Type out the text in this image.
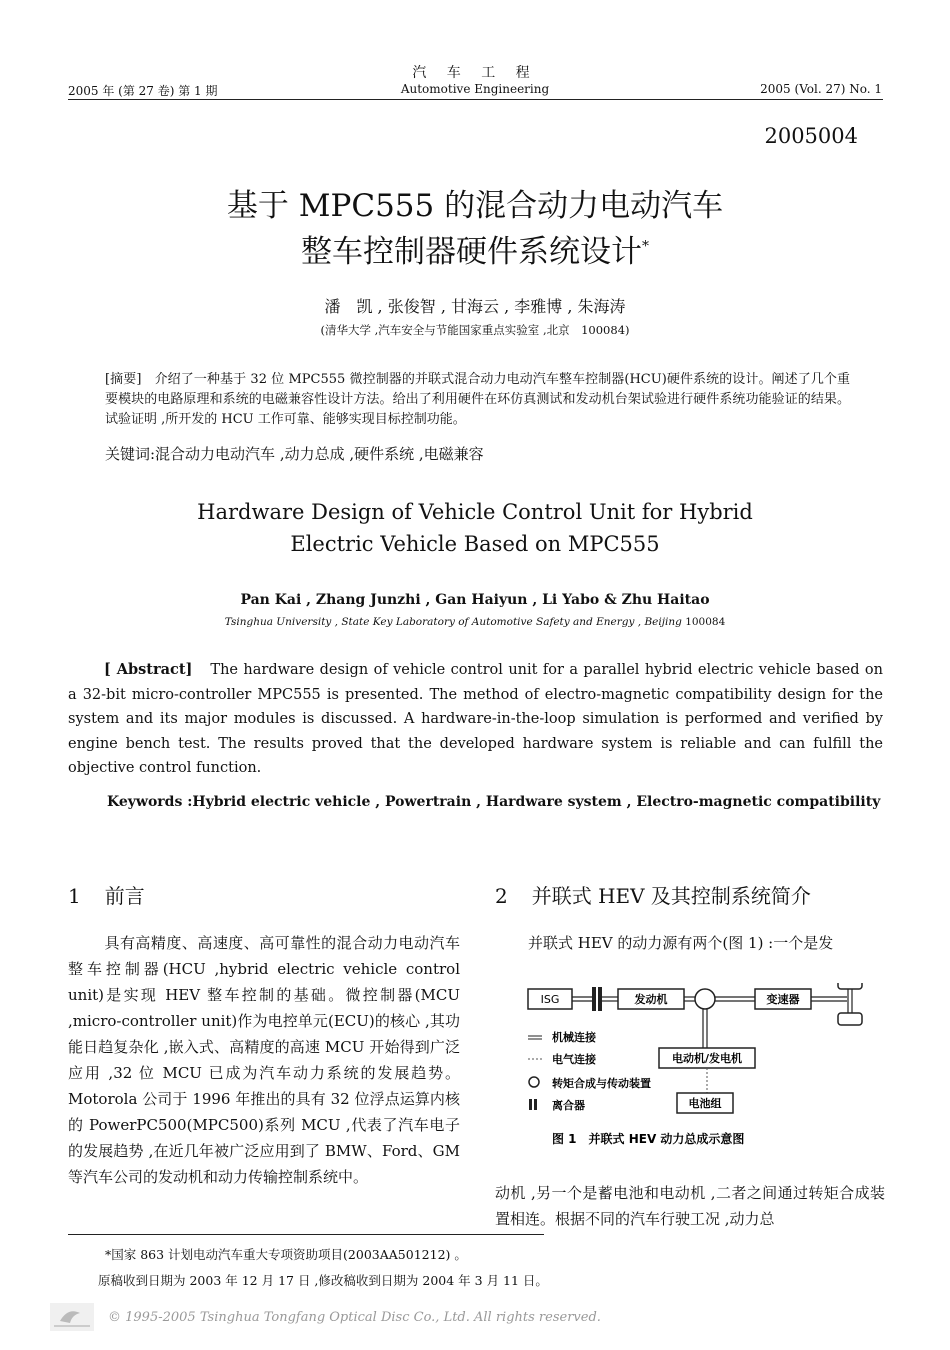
汽 车 工 程
2005 年 (第 27 卷) 第 1 期	Automotive Engineering	2005 (Vol. 27) No. 1
2005004
基于 MPC555 的混合动力电动汽车
整车控制器硬件系统设计*
潘　凯 , 张俊智 , 甘海云 , 李雅博 , 朱海涛
(清华大学 ,汽车安全与节能国家重点实验室 ,北京　100084)
[摘要]　介绍了一种基于 32 位 MPC555 微控制器的并联式混合动力电动汽车整车控制器(HCU)硬件系统的设计。阐述了几个重要模块的电路原理和系统的电磁兼容性设计方法。给出了利用硬件在环仿真测试和发动机台架试验进行硬件系统功能验证的结果。试验证明 ,所开发的 HCU 工作可靠、能够实现目标控制功能。
关键词:混合动力电动汽车 ,动力总成 ,硬件系统 ,电磁兼容
Hardware Design of Vehicle Control Unit for Hybrid
Electric Vehicle Based on MPC555
Pan Kai , Zhang Junzhi , Gan Haiyun , Li Yabo & Zhu Haitao
Tsinghua University , State Key Laboratory of Automotive Safety and Energy , Beijing 100084
[ Abstract] The hardware design of vehicle control unit for a parallel hybrid electric vehicle based on a 32-bit micro-controller MPC555 is presented. The method of electro-magnetic compatibility design for the system and its major modules is discussed. A hardware-in-the-loop simulation is performed and verified by engine bench test. The results proved that the developed hardware system is reliable and can fulfill the objective control function.
Keywords :Hybrid electric vehicle , Powertrain , Hardware system , Electro-magnetic compatibility
1 前言	2 并联式 HEV 及其控制系统简介
具有高精度、高速度、高可靠性的混合动力电动汽车整车控制器(HCU ,hybrid electric vehicle control unit)是实现 HEV 整车控制的基础。微控制器(MCU ,micro-controller unit)作为电控单元(ECU)的核心 ,其功能日趋复杂化 ,嵌入式、高精度的高速 MCU 开始得到广泛应用 ,32 位 MCU 已成为汽车动力系统的发展趋势。Motorola 公司于 1996 年推出的具有 32 位浮点运算内核的 PowerPC500(MPC500)系列 MCU ,代表了汽车电子的发展趋势 ,在近几年被广泛应用到了 BMW、Ford、GM 等汽车公司的发动机和动力传输控制系统中。
并联式 HEV 的动力源有两个(图 1) :一个是发
ISG	发动机	变速器
电动机/发电机
电池组
机械连接
电气连接
转矩合成与传动装置
离合器
图 1　并联式 HEV 动力总成示意图
动机 ,另一个是蓄电池和电动机 ,二者之间通过转矩合成装置相连。根据不同的汽车行驶工况 ,动力总
*国家 863 计划电动汽车重大专项资助项目(2003AA501212) 。
原稿收到日期为 2003 年 12 月 17 日 ,修改稿收到日期为 2004 年 3 月 11 日。
© 1995-2005 Tsinghua Tongfang Optical Disc Co., Ltd. All rights reserved.
